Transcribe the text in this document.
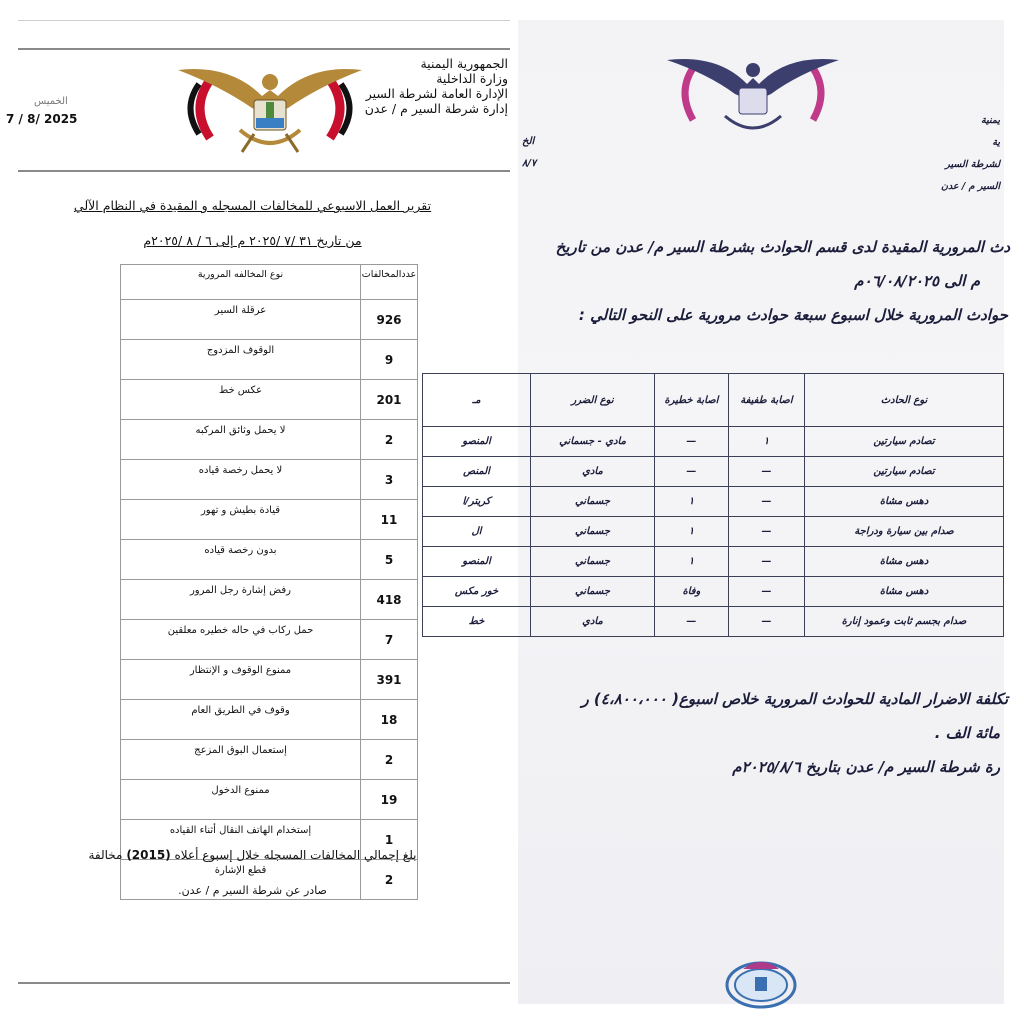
الجمهورية اليمنية
وزارة الداخلية
الإدارة العامة لشرطة السير
إدارة شرطة السير م / عدن
الخميس
7 / 8/ 2025
تقرير العمل الاسبوعي للمخالفات المسجله و المقيدة في النظام الآلي
من تاريخ ٣١ /٧ /٢٠٢٥ م إلى ٦ / ٨ /٢٠٢٥م
عددالمخالفات	نوع المخالفه المرورية
926	عرقلة السير
9	الوقوف المزدوج
201	عكس خط
2	لا يحمل وثائق المركبه
3	لا يحمل رخصة قياده
11	قيادة بطيش و تهور
5	بدون رخصة قياده
418	رفض إشارة رجل المرور
7	حمل ركاب في حاله خطيره معلقين
391	ممنوع الوقوف و الإنتظار
18	وقوف في الطريق العام
2	إستعمال البوق المزعج
19	ممنوع الدخول
1	إستخدام الهاتف النقال أثناء القياده
2	قطع الإشارة
بلغ إجمالي المخالفات المسجله خلال إسبوع أعلاه (2015) مخالفة
صادر عن شرطة السير م / عدن.
يمنية
ية
لشرطة السير
السير م / عدن
الخ
٨/٧
دث المرورية المقيدة لدى قسم الحوادث بشرطة السير م/ عدن من تاريخ
م الى ٠٦/٠٨/٢٠٢٥م
حوادث المرورية خلال اسبوع سبعة حوادث مرورية على النحو التالي :
نوع الحادث	اصابة طفيفة	اصابة خطيرة	نوع الضرر	مـ
تصادم سيارتين	١	—	مادي - جسماني	المنصو
تصادم سيارتين	—	—	مادي	المنص
دهس مشاة	—	١	جسماني	كريتر/ا
صدام بين سيارة ودراجة	—	١	جسماني	ال
دهس مشاة	—	١	جسماني	المنصو
دهس مشاة	—	وفاة	جسماني	خور مكس
صدام بجسم ثابت وعمود إنارة	—	—	مادي	خط
تكلفة الاضرار المادية للحوادث المرورية خلاص اسبوع( ٤،٨٠٠،٠٠٠) ر
مائة الف .
رة شرطة السير م/ عدن بتاريخ ٢٠٢٥/٨/٦م
